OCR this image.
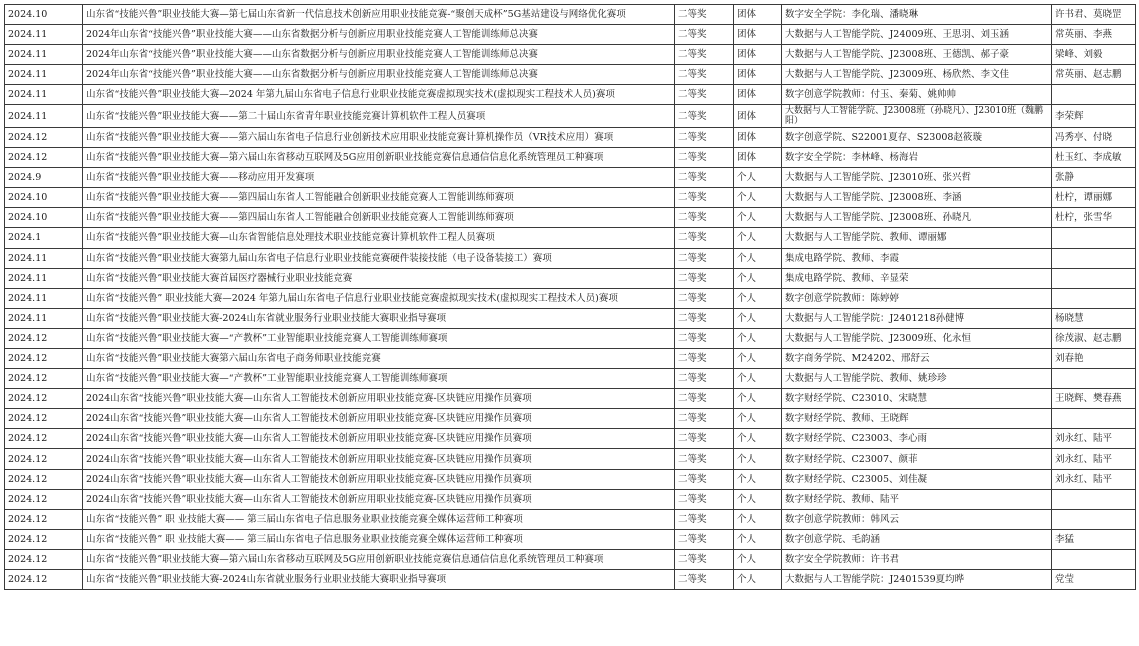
2024.10	山东省“技能兴鲁”职业技能大赛—第七届山东省新一代信息技术创新应用职业技能竞赛-“聚创天成杯”5G基站建设与网络优化赛项	二等奖	团体	数字安全学院：李化瑞、潘晓琳	许书君、莫晓罡
2024.11	2024年山东省“技能兴鲁”职业技能大赛——山东省数据分析与创新应用职业技能竞赛人工智能训练师总决赛	二等奖	团体	大数据与人工智能学院、J24009班、王思羽、刘玉涵	常英丽、李燕
2024.11	2024年山东省“技能兴鲁”职业技能大赛——山东省数据分析与创新应用职业技能竞赛人工智能训练师总决赛	二等奖	团体	大数据与人工智能学院、J23008班、王德凯、郝子豪	梁峰、刘毅
2024.11	2024年山东省“技能兴鲁”职业技能大赛——山东省数据分析与创新应用职业技能竞赛人工智能训练师总决赛	二等奖	团体	大数据与人工智能学院、J23009班、杨欣然、李文佳	常英丽、赵志鹏
2024.11	山东省“技能兴鲁”职业技能大赛—2024 年第九届山东省电子信息行业职业技能竞赛虚拟现实技术(虚拟现实工程技术人员)赛项	二等奖	团体	数字创意学院教师：付玉、秦菊、姚帅帅	
2024.11	山东省“技能兴鲁”职业技能大赛——第二十届山东省青年职业技能竞赛计算机软件工程人员赛项	二等奖	团体	大数据与人工智能学院、J23008班（孙晓凡）、J23010班（魏鹏阳）	李荣辉
2024.12	山东省“技能兴鲁”职业技能大赛——第六届山东省电子信息行业创新技术应用职业技能竞赛计算机操作员（VR技术应用）赛项	二等奖	团体	数字创意学院、S22001夏存、S23008赵筱璇	冯秀亭、付晓
2024.12	山东省“技能兴鲁”职业技能大赛—第六届山东省移动互联网及5G应用创新职业技能竞赛信息通信信息化系统管理员工种赛项	二等奖	团体	数字安全学院：李林峰、杨海岩	杜玉红、李成敏
2024.9	山东省“技能兴鲁”职业技能大赛——移动应用开发赛项	二等奖	个人	大数据与人工智能学院、J23010班、张兴哲	张静
2024.10	山东省“技能兴鲁”职业技能大赛——第四届山东省人工智能融合创新职业技能竞赛人工智能训练师赛项	二等奖	个人	大数据与人工智能学院、J23008班、李涵	杜柠，谭丽娜
2024.10	山东省“技能兴鲁”职业技能大赛——第四届山东省人工智能融合创新职业技能竞赛人工智能训练师赛项	二等奖	个人	大数据与人工智能学院、J23008班、孙晓凡	杜柠，张雪华
2024.1	山东省“技能兴鲁”职业技能大赛—山东省智能信息处理技术职业技能竞赛计算机软件工程人员赛项	二等奖	个人	大数据与人工智能学院、教师、谭丽娜	
2024.11	山东省“技能兴鲁”职业技能大赛第九届山东省电子信息行业职业技能竞赛硬件装接技能（电子设备装接工）赛项	二等奖	个人	集成电路学院、教师、李霞	
2024.11	山东省“技能兴鲁”职业技能大赛首届医疗器械行业职业技能竞赛	二等奖	个人	集成电路学院、教师、辛显荣	
2024.11	山东省“技能兴鲁” 职业技能大赛—2024 年第九届山东省电子信息行业职业技能竞赛虚拟现实技术(虚拟现实工程技术人员)赛项	二等奖	个人	数字创意学院教师：陈婷婷	
2024.11	山东省“技能兴鲁”职业技能大赛-2024山东省就业服务行业职业技能大赛职业指导赛项	二等奖	个人	大数据与人工智能学院：J2401218孙健博	杨晓慧
2024.12	山东省“技能兴鲁”职业技能大赛—“产教杯”工业智能职业技能竞赛人工智能训练师赛项	二等奖	个人	大数据与人工智能学院、J23009班、化永恒	徐茂淑、赵志鹏
2024.12	山东省“技能兴鲁”职业技能大赛第六届山东省电子商务师职业技能竞赛	二等奖	个人	数字商务学院、M24202、邢舒云	刘春艳
2024.12	山东省“技能兴鲁”职业技能大赛—“产教杯”工业智能职业技能竞赛人工智能训练师赛项	二等奖	个人	大数据与人工智能学院、教师、姚珍珍	
2024.12	2024山东省“技能兴鲁”职业技能大赛—山东省人工智能技术创新应用职业技能竞赛-区块链应用操作员赛项	二等奖	个人	数字财经学院、C23010、宋晓慧	王晓辉、樊春燕
2024.12	2024山东省“技能兴鲁”职业技能大赛—山东省人工智能技术创新应用职业技能竞赛-区块链应用操作员赛项	二等奖	个人	数字财经学院、教师、王晓辉	
2024.12	2024山东省“技能兴鲁”职业技能大赛—山东省人工智能技术创新应用职业技能竞赛-区块链应用操作员赛项	二等奖	个人	数字财经学院、C23003、李心雨	刘永红、陆平
2024.12	2024山东省“技能兴鲁”职业技能大赛—山东省人工智能技术创新应用职业技能竞赛-区块链应用操作员赛项	二等奖	个人	数字财经学院、C23007、颜菲	刘永红、陆平
2024.12	2024山东省“技能兴鲁”职业技能大赛—山东省人工智能技术创新应用职业技能竞赛-区块链应用操作员赛项	二等奖	个人	数字财经学院、C23005、刘佳凝	刘永红、陆平
2024.12	2024山东省“技能兴鲁”职业技能大赛—山东省人工智能技术创新应用职业技能竞赛-区块链应用操作员赛项	二等奖	个人	数字财经学院、教师、陆平	
2024.12	山东省“技能兴鲁” 职 业技能大赛—— 第三届山东省电子信息服务业职业技能竞赛全媒体运营师工种赛项	二等奖	个人	数字创意学院教师：韩风云	
2024.12	山东省“技能兴鲁” 职 业技能大赛—— 第三届山东省电子信息服务业职业技能竞赛全媒体运营师工种赛项	二等奖	个人	数字创意学院、毛韵涵	李猛
2024.12	山东省“技能兴鲁”职业技能大赛—第六届山东省移动互联网及5G应用创新职业技能竞赛信息通信信息化系统管理员工种赛项	二等奖	个人	数字安全学院教师：许书君	
2024.12	山东省“技能兴鲁”职业技能大赛-2024山东省就业服务行业职业技能大赛职业指导赛项	二等奖	个人	大数据与人工智能学院：J2401539夏均晔	党莹
